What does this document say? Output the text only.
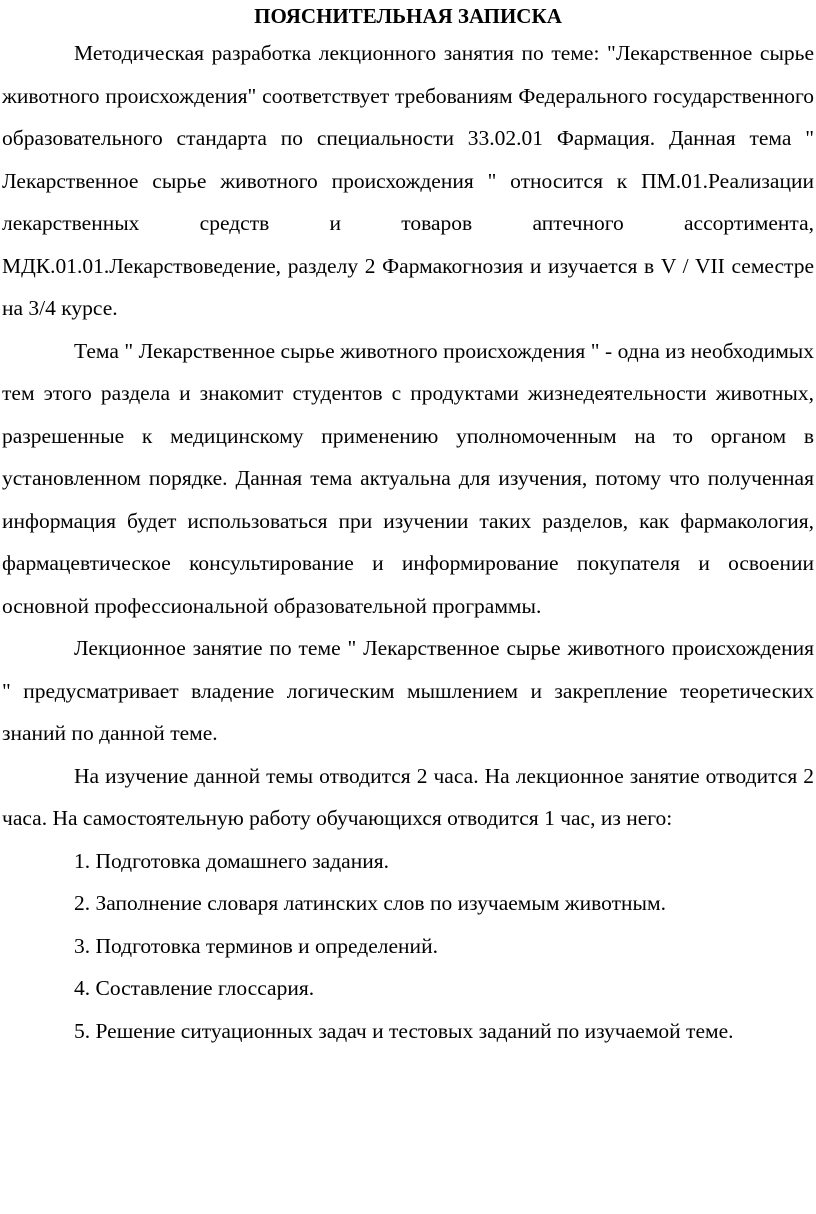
ПОЯСНИТЕЛЬНАЯ ЗАПИСКА

Методическая разработка лекционного занятия по теме: "Лекарственное сырье животного происхождения" соответствует требованиям Федерального государственного образовательного стандарта по специальности 33.02.01 Фармация. Данная тема " Лекарственное сырье животного происхождения " относится к ПМ.01.Реализации лекарственных средств и товаров аптечного ассортимента, МДК.01.01.Лекарствоведение, разделу 2 Фармакогнозия и изучается в V / VII семестре на 3/4 курсе.

Тема " Лекарственное сырье животного происхождения " - одна из необходимых тем этого раздела и знакомит студентов с продуктами жизнедеятельности животных, разрешенные к медицинскому применению уполномоченным на то органом в установленном порядке. Данная тема актуальна для изучения, потому что полученная информация будет использоваться при изучении таких разделов, как фармакология, фармацевтическое консультирование и информирование покупателя и освоении основной профессиональной образовательной программы.

Лекционное занятие по теме " Лекарственное сырье животного происхождения " предусматривает владение логическим мышлением и закрепление теоретических знаний по данной теме.

На изучение данной темы отводится 2 часа. На лекционное занятие отводится 2 часа. На самостоятельную работу обучающихся отводится 1 час, из него:

1. Подготовка домашнего задания.

2. Заполнение словаря латинских слов по изучаемым животным.

3. Подготовка терминов и определений.

4. Составление глоссария.

5. Решение ситуационных задач и тестовых заданий по изучаемой теме.
